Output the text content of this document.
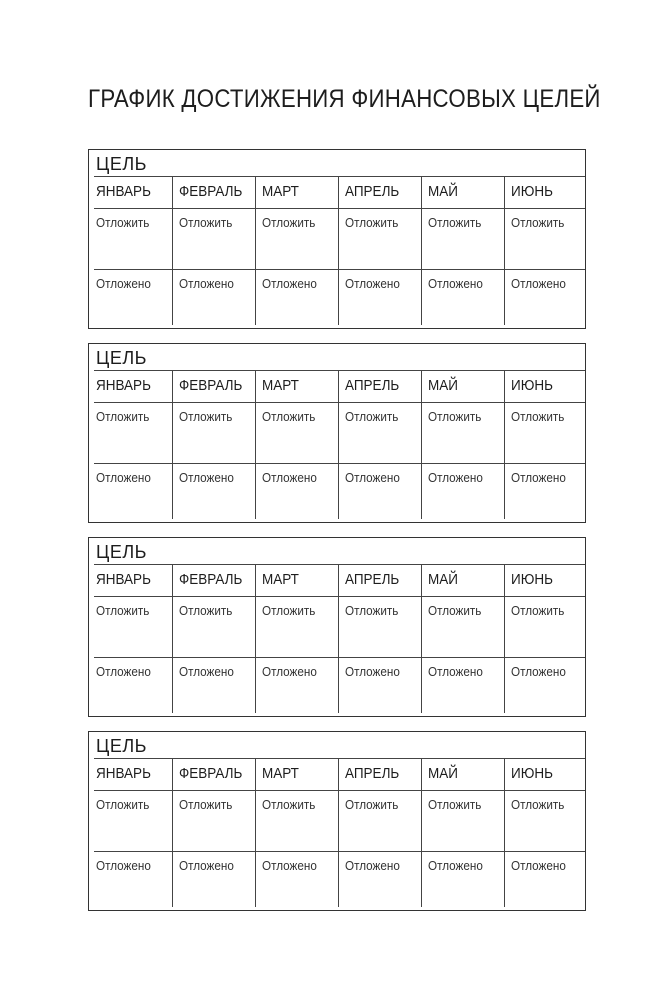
ГРАФИК ДОСТИЖЕНИЯ ФИНАНСОВЫХ ЦЕЛЕЙ
ЦЕЛЬ
ЯНВАРЬ
Отложить
Отложено
ФЕВРАЛЬ
Отложить
Отложено
МАРТ
Отложить
Отложено
АПРЕЛЬ
Отложить
Отложено
МАЙ
Отложить
Отложено
ИЮНЬ
Отложить
Отложено
ЦЕЛЬ
ЯНВАРЬ
Отложить
Отложено
ФЕВРАЛЬ
Отложить
Отложено
МАРТ
Отложить
Отложено
АПРЕЛЬ
Отложить
Отложено
МАЙ
Отложить
Отложено
ИЮНЬ
Отложить
Отложено
ЦЕЛЬ
ЯНВАРЬ
Отложить
Отложено
ФЕВРАЛЬ
Отложить
Отложено
МАРТ
Отложить
Отложено
АПРЕЛЬ
Отложить
Отложено
МАЙ
Отложить
Отложено
ИЮНЬ
Отложить
Отложено
ЦЕЛЬ
ЯНВАРЬ
Отложить
Отложено
ФЕВРАЛЬ
Отложить
Отложено
МАРТ
Отложить
Отложено
АПРЕЛЬ
Отложить
Отложено
МАЙ
Отложить
Отложено
ИЮНЬ
Отложить
Отложено
